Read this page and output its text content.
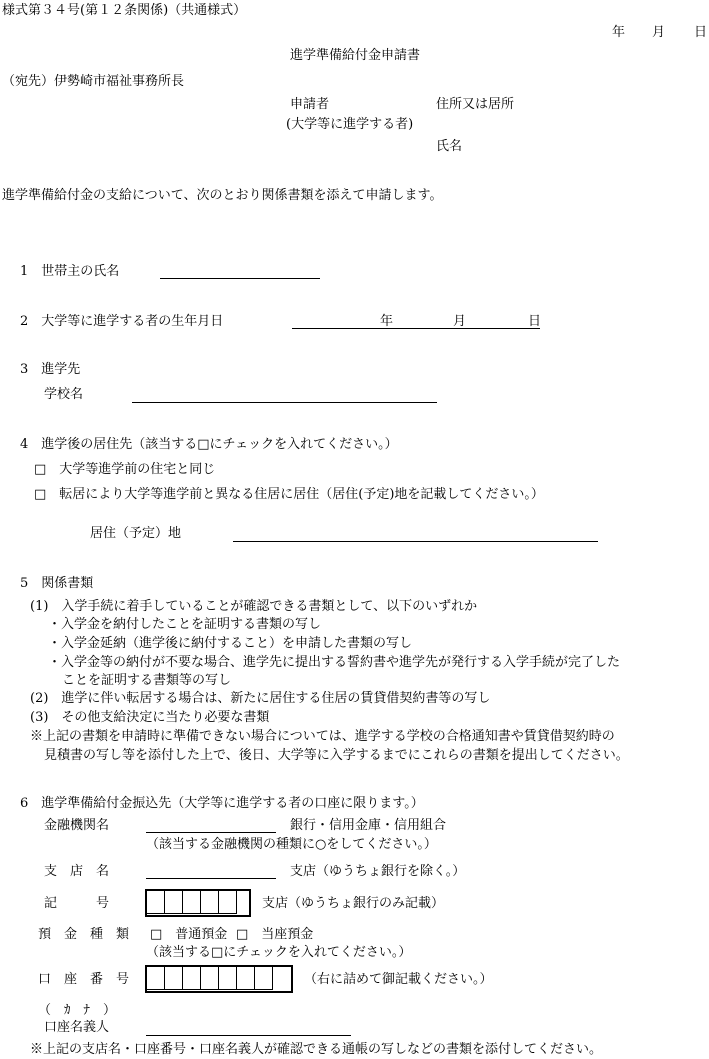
様式第３４号(第１２条関係)（共通様式）
年 月 日
進学準備給付金申請書
（宛先）伊勢崎市福祉事務所長
申請者	住所又は居所
(大学等に進学する者)
氏名
進学準備給付金の支給について、次のとおり関係書類を添えて申請します。
1　世帯主の氏名
2　大学等に進学する者の生年月日	年	月	日
3　進学先
学校名
4　進学後の居住先（該当する□にチェックを入れてください。）
□　大学等進学前の住宅と同じ
□　転居により大学等進学前と異なる住居に居住（居住(予定)地を記載してください。）
居住（予定）地
5　関係書類
(1)　入学手続に着手していることが確認できる書類として、以下のいずれか
・入学金を納付したことを証明する書類の写し
・入学金延納（進学後に納付すること）を申請した書類の写し
・入学金等の納付が不要な場合、進学先に提出する誓約書や進学先が発行する入学手続が完了した
ことを証明する書類等の写し
(2)　進学に伴い転居する場合は、新たに居住する住居の賃貸借契約書等の写し
(3)　その他支給決定に当たり必要な書類
※上記の書類を申請時に準備できない場合については、進学する学校の合格通知書や賃貸借契約時の
見積書の写し等を添付した上で、後日、大学等に入学するまでにこれらの書類を提出してください。
6　進学準備給付金振込先（大学等に進学する者の口座に限ります。）
金融機関名	銀行・信用金庫・信用組合
（該当する金融機関の種類に○をしてください。）
支　店　名	支店（ゆうちょ銀行を除く。）
記　　　号	支店（ゆうちょ銀行のみ記載）
預　金　種　類 □　普通預金 □　当座預金
（該当する□にチェックを入れてください。）
口　座　番　号	（右に詰めて御記載ください。）
（　ｶ　ﾅ　）
口座名義人
※上記の支店名・口座番号・口座名義人が確認できる通帳の写しなどの書類を添付してください。
